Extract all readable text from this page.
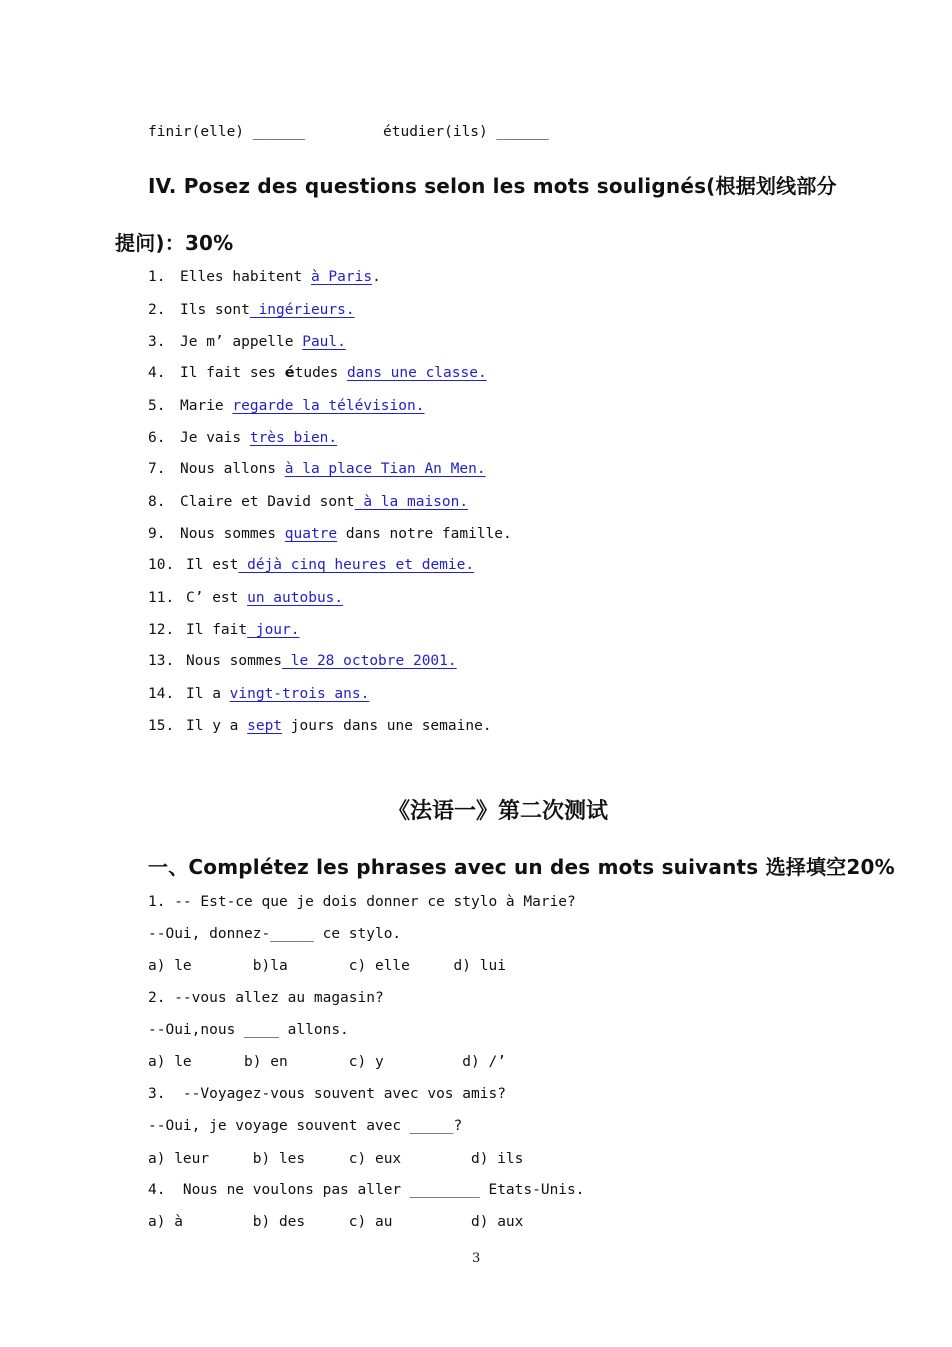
finir(elle) ______	étudier(ils) ______
IV. Posez des questions selon les mots soulignés(根据划线部分
提问)：30%
1. Elles habitent à Paris.
2. Ils sont ingérieurs.
3. Je m’ appelle Paul.
4. Il fait ses études dans une classe.
5. Marie regarde la télévision.
6. Je vais très bien.
7. Nous allons à la place Tian An Men.
8. Claire et David sont à la maison.
9. Nous sommes quatre dans notre famille.
10. Il est déjà cinq heures et demie.
11. C’ est un autobus.
12. Il fait jour.
13. Nous sommes le 28 octobre 2001.
14. Il a vingt-trois ans.
15. Il y a sept jours dans une semaine.
《法语一》第二次测试
一、Complétez les phrases avec un des mots suivants 选择填空20%
1. -- Est-ce que je dois donner ce stylo à Marie?
--Oui, donnez-_____ ce stylo.
a) le       b)la       c) elle     d) lui
2. --vous allez au magasin?
--Oui,nous ____ allons.
a) le      b) en       c) y         d) /’
3.  --Voyagez-vous souvent avec vos amis?
--Oui, je voyage souvent avec _____?
a) leur     b) les     c) eux        d) ils
4.  Nous ne voulons pas aller ________ Etats-Unis.
a) à        b) des     c) au         d) aux
3
